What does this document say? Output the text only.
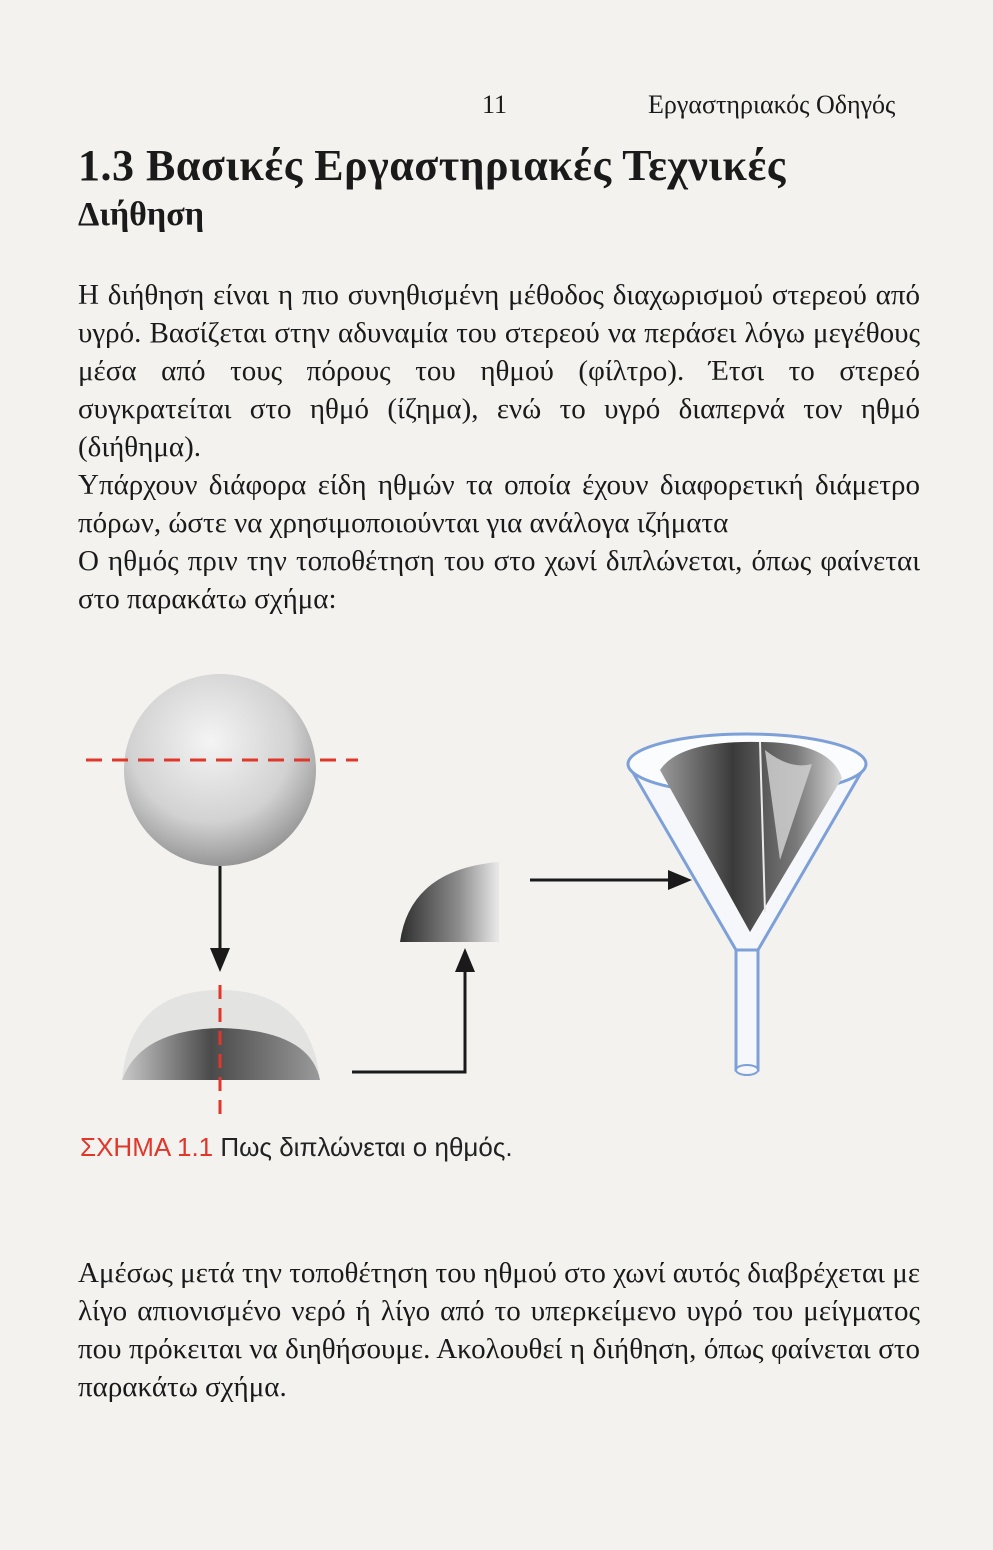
11	Εργαστηριακός Οδηγός
1.3 Βασικές Εργαστηριακές Τεχνικές
Διήθηση

Η διήθηση είναι η πιο συνηθισμένη μέθοδος διαχωρισμού στερεού από υγρό. Βασίζεται στην αδυναμία του στερεού να περάσει λόγω μεγέθους μέσα από τους πόρους του ηθμού (φίλτρο). Έτσι το στερεό συγκρατείται στο ηθμό (ίζημα), ενώ το υγρό διαπερνά τον ηθμό (διήθημα).

Υπάρχουν διάφορα είδη ηθμών τα οποία έχουν διαφορετική διάμετρο πόρων, ώστε να χρησιμοποιούνται για ανάλογα ιζήματα

Ο ηθμός πριν την τοποθέτηση του στο χωνί διπλώνεται, όπως φαίνεται στο παρακάτω σχήμα:

ΣΧΗΜΑ 1.1 Πως διπλώνεται ο ηθμός.

Αμέσως μετά την τοποθέτηση του ηθμού στο χωνί αυτός διαβρέχεται με λίγο απιονισμένο νερό ή λίγο από το υπερκείμενο υγρό του μείγματος που πρόκειται να διηθήσουμε. Ακολουθεί η διήθηση, όπως φαίνεται στο παρακάτω σχήμα.
